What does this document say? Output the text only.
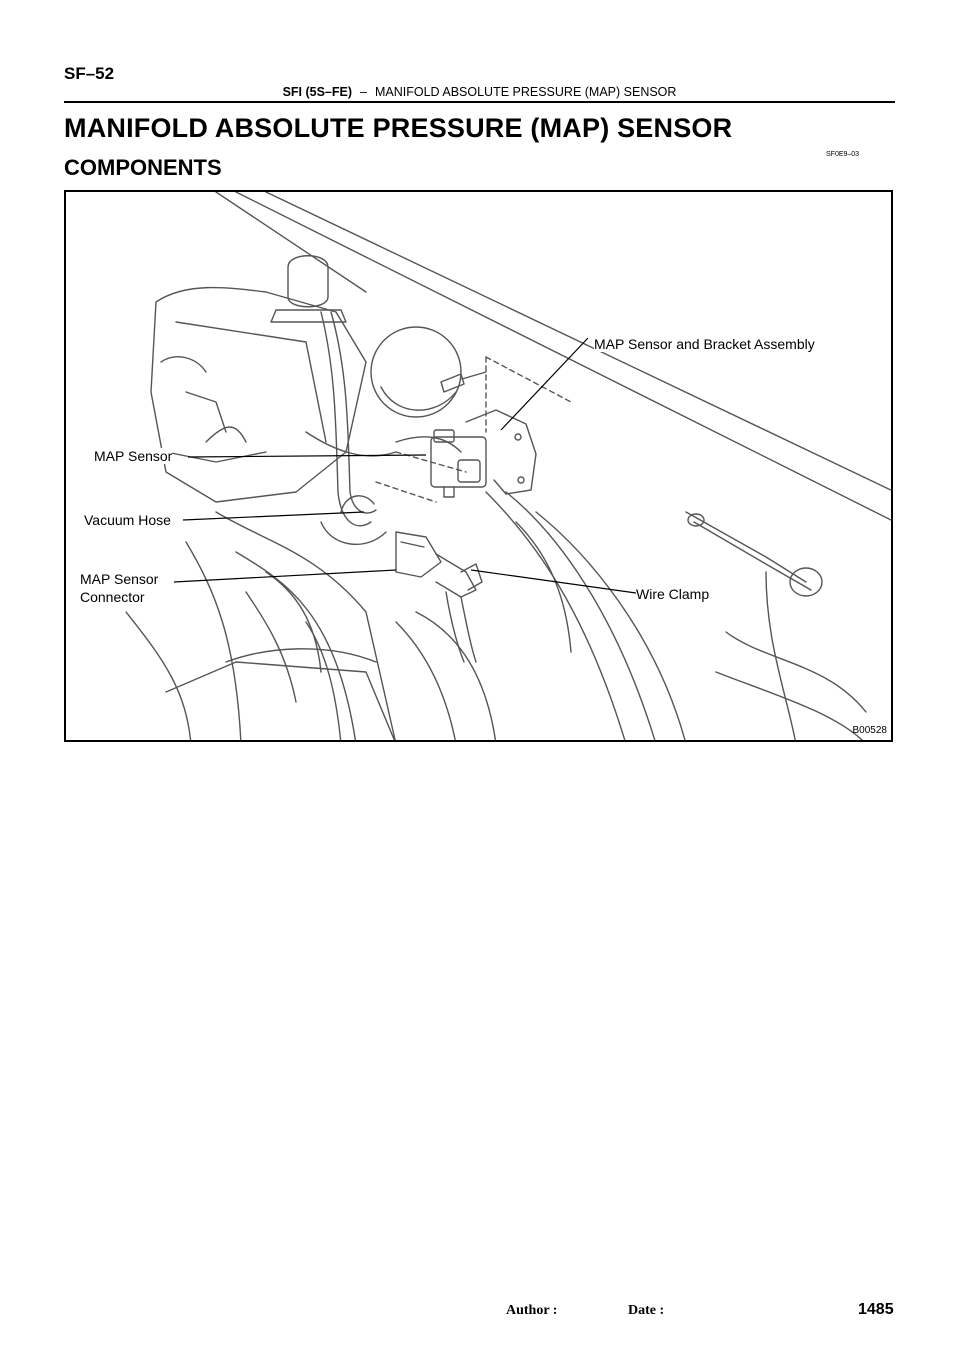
SF–52
SFI (5S–FE) – MANIFOLD ABSOLUTE PRESSURE (MAP) SENSOR
MANIFOLD ABSOLUTE PRESSURE (MAP) SENSOR
SF0E9–03
COMPONENTS
MAP Sensor and Bracket Assembly
MAP Sensor
Vacuum Hose
MAP Sensor
Connector	Wire Clamp
B00528
Author :	Date :	1485
